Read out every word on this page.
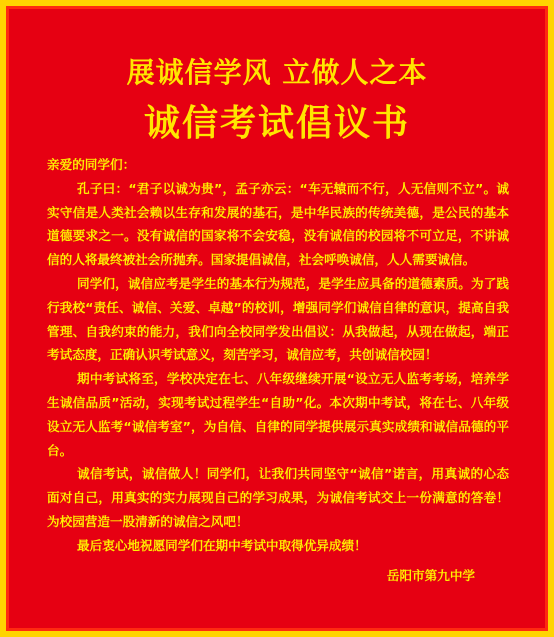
展诚信学风 立做人之本
诚信考试倡议书

亲爱的同学们：

孔子曰：“君子以诚为贵”，孟子亦云：“车无辕而不行，人无信则不立”。诚实守信是人类社会赖以生存和发展的基石，是中华民族的传统美德，是公民的基本道德要求之一。没有诚信的国家将不会安稳，没有诚信的校园将不可立足，不讲诚信的人将最终被社会所抛弃。国家提倡诚信，社会呼唤诚信，人人需要诚信。

同学们，诚信应考是学生的基本行为规范，是学生应具备的道德素质。为了践行我校“责任、诚信、关爱、卓越”的校训，增强同学们诚信自律的意识，提高自我管理、自我约束的能力，我们向全校同学发出倡议：从我做起，从现在做起，端正考试态度，正确认识考试意义，刻苦学习，诚信应考，共创诚信校园！

期中考试将至，学校决定在七、八年级继续开展“设立无人监考考场，培养学生诚信品质”活动，实现考试过程学生“自助”化。本次期中考试，将在七、八年级设立无人监考“诚信考室”，为自信、自律的同学提供展示真实成绩和诚信品德的平台。

诚信考试，诚信做人！同学们，让我们共同坚守“诚信”诺言，用真诚的心态面对自己，用真实的实力展现自己的学习成果，为诚信考试交上一份满意的答卷！为校园营造一股清新的诚信之风吧！

最后衷心地祝愿同学们在期中考试中取得优异成绩！

岳阳市第九中学
